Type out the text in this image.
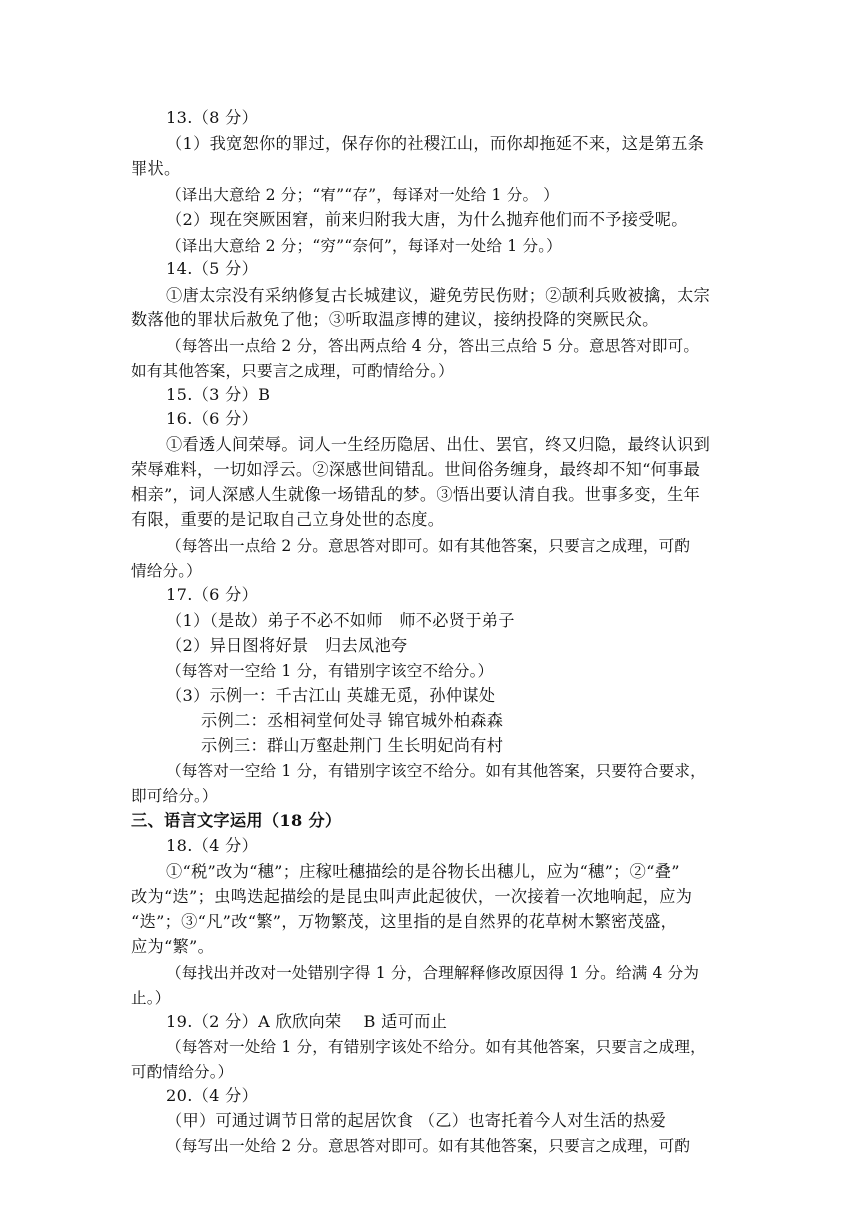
13.（8 分）
（1）我宽恕你的罪过，保存你的社稷江山，而你却拖延不来，这是第五条
罪状。
（译出大意给 2 分；“宥”“存”，每译对一处给 1 分。 ）
（2）现在突厥困窘，前来归附我大唐，为什么抛弃他们而不予接受呢。
（译出大意给 2 分；“穷”“奈何”，每译对一处给 1 分。）
14.（5 分）
①唐太宗没有采纳修复古长城建议，避免劳民伤财；②颉利兵败被擒，太宗
数落他的罪状后赦免了他；③听取温彦博的建议，接纳投降的突厥民众。
（每答出一点给 2 分，答出两点给 4 分，答出三点给 5 分。意思答对即可。
如有其他答案，只要言之成理，可酌情给分。）
15.（3 分）B
16.（6 分）
①看透人间荣辱。词人一生经历隐居、出仕、罢官，终又归隐，最终认识到
荣辱难料，一切如浮云。②深感世间错乱。世间俗务缠身，最终却不知“何事最
相亲”，词人深感人生就像一场错乱的梦。③悟出要认清自我。世事多变，生年
有限，重要的是记取自己立身处世的态度。
（每答出一点给 2 分。意思答对即可。如有其他答案，只要言之成理，可酌
情给分。）
17.（6 分）
（1）（是故）弟子不必不如师　师不必贤于弟子
（2）异日图将好景　归去凤池夸
（每答对一空给 1 分，有错别字该空不给分。）
（3）示例一：千古江山 英雄无觅，孙仲谋处
示例二：丞相祠堂何处寻 锦官城外柏森森
示例三：群山万壑赴荆门 生长明妃尚有村
（每答对一空给 1 分，有错别字该空不给分。如有其他答案，只要符合要求，
即可给分。）
三、语言文字运用（18 分）
18.（4 分）
①“税”改为“穗”；庄稼吐穗描绘的是谷物长出穗儿，应为“穗”；②“叠”
改为“迭”；虫鸣迭起描绘的是昆虫叫声此起彼伏，一次接着一次地响起，应为
“迭”；③“凡”改“繁”，万物繁茂，这里指的是自然界的花草树木繁密茂盛，
应为“繁”。
（每找出并改对一处错别字得 1 分，合理解释修改原因得 1 分。给满 4 分为
止。）
19.（2 分）A 欣欣向荣　 B 适可而止
（每答对一处给 1 分，有错别字该处不给分。如有其他答案，只要言之成理，
可酌情给分。）
20.（4 分）
（甲）可通过调节日常的起居饮食 （乙）也寄托着今人对生活的热爱
（每写出一处给 2 分。意思答对即可。如有其他答案，只要言之成理，可酌
